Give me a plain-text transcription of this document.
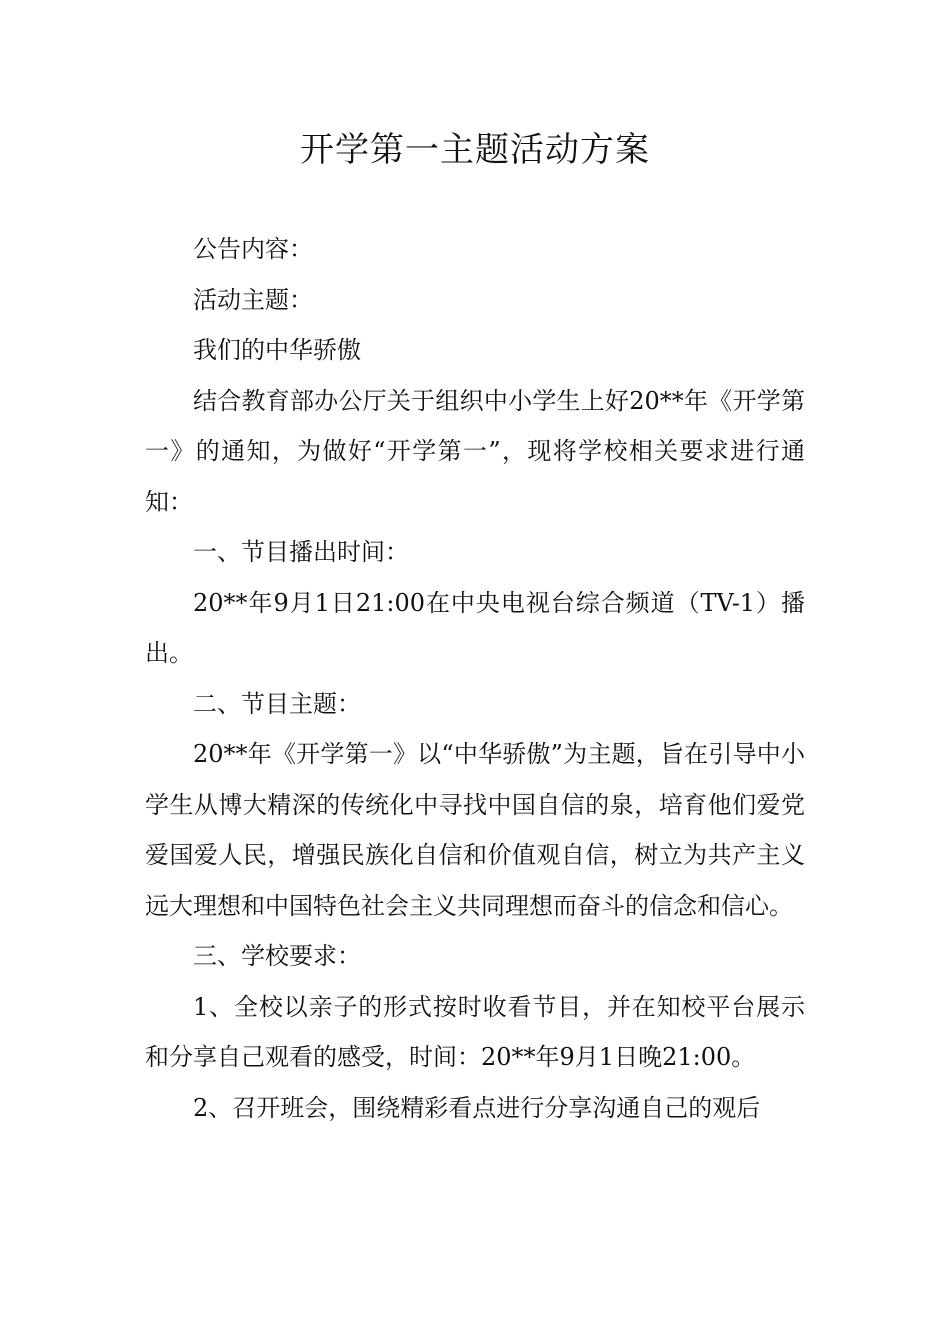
开学第一主题活动方案

公告内容：

活动主题：

我们的中华骄傲

结合教育部办公厅关于组织中小学生上好20**年《开学第一》的通知，为做好“开学第一”，现将学校相关要求进行通知：

一、节目播出时间：

20**年9月1日21:00在中央电视台综合频道（TV-1）播出。

二、节目主题：

20**年《开学第一》以“中华骄傲”为主题，旨在引导中小学生从博大精深的传统化中寻找中国自信的泉，培育他们爱党爱国爱人民，增强民族化自信和价值观自信，树立为共产主义远大理想和中国特色社会主义共同理想而奋斗的信念和信心。

三、学校要求：

1、全校以亲子的形式按时收看节目，并在知校平台展示和分享自己观看的感受，时间：20**年9月1日晚21:00。

2、召开班会，围绕精彩看点进行分享沟通自己的观后
